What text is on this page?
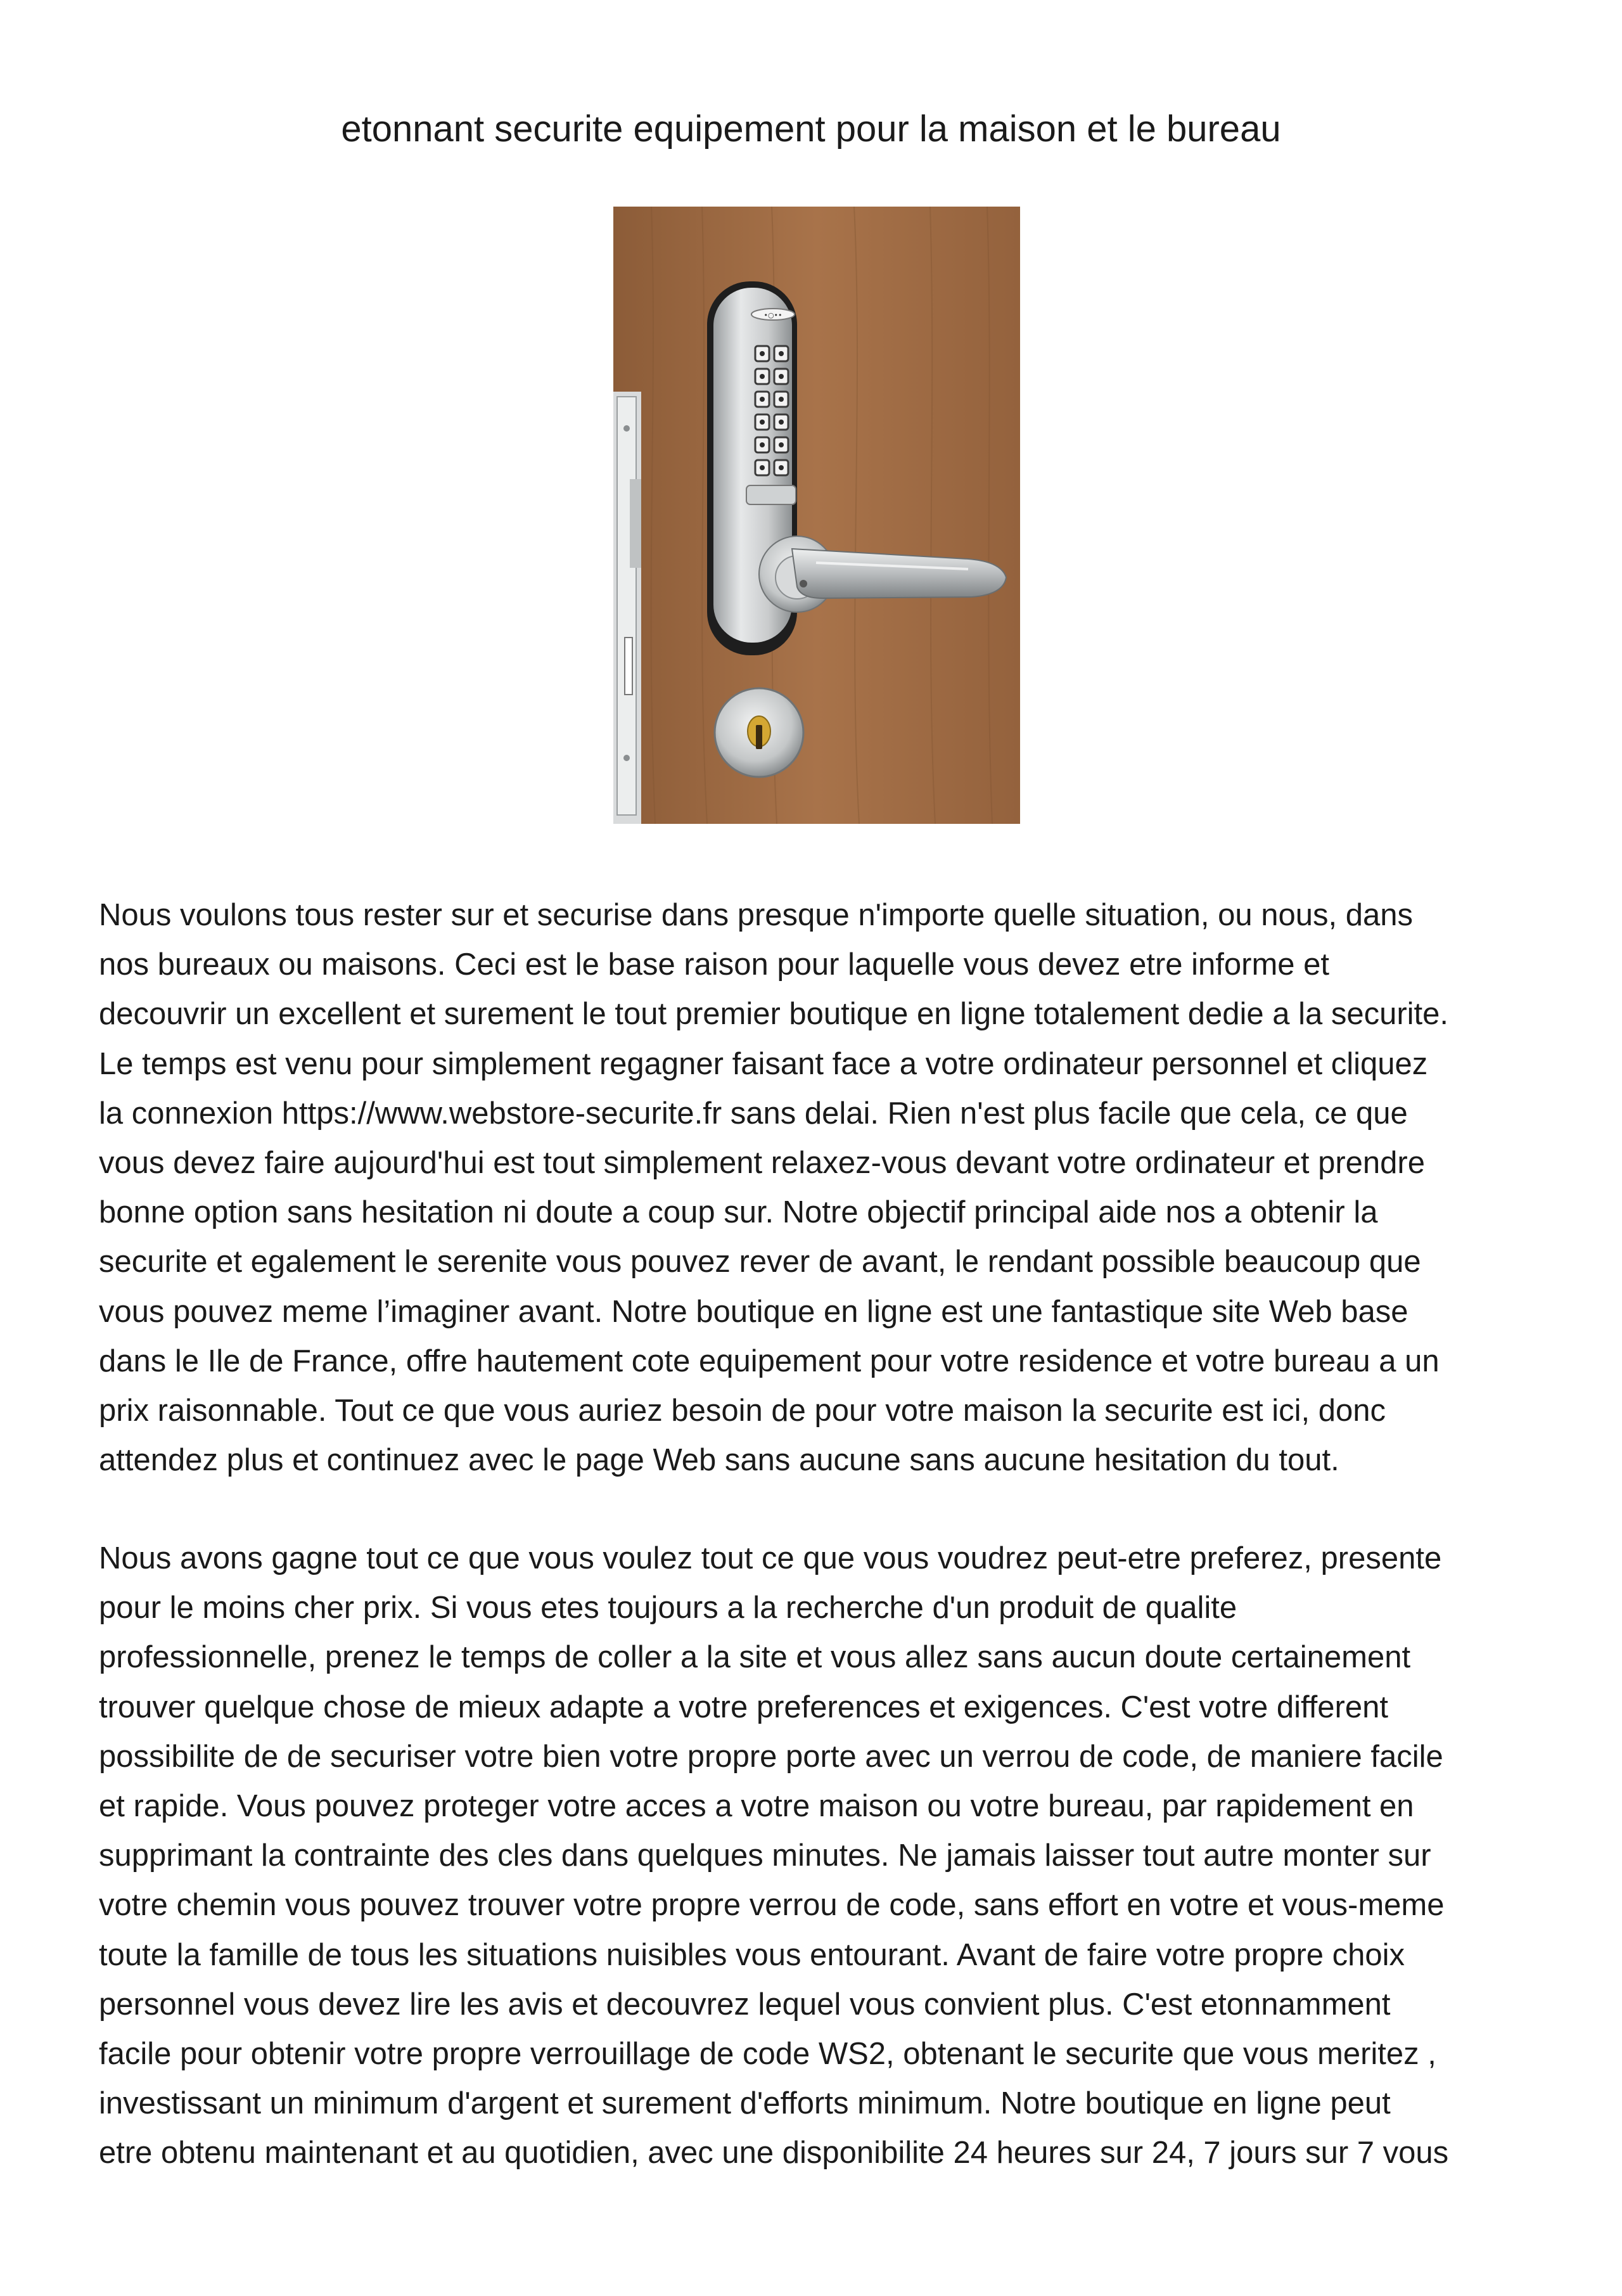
etonnant securite equipement pour la maison et le bureau
•○••

Nous voulons tous rester sur et securise dans presque n'importe quelle situation, ou nous, dans
nos bureaux ou maisons. Ceci est le base raison pour laquelle vous devez etre informe et
decouvrir un excellent et surement le tout premier boutique en ligne totalement dedie a la securite.
Le temps est venu pour simplement regagner faisant face a votre ordinateur personnel et cliquez
la connexion https://www.webstore-securite.fr sans delai. Rien n'est plus facile que cela, ce que
vous devez faire aujourd'hui est tout simplement relaxez-vous devant votre ordinateur et prendre
bonne option sans hesitation ni doute a coup sur. Notre objectif principal aide nos a obtenir la
securite et egalement le serenite vous pouvez rever de avant, le rendant possible beaucoup que
vous pouvez meme l’imaginer avant. Notre boutique en ligne est une fantastique site Web base
dans le Ile de France, offre hautement cote equipement pour votre residence et votre bureau a un
prix raisonnable. Tout ce que vous auriez besoin de pour votre maison la securite est ici, donc
attendez plus et continuez avec le page Web sans aucune sans aucune hesitation du tout.

Nous avons gagne tout ce que vous voulez tout ce que vous voudrez peut-etre preferez, presente
pour le moins cher prix. Si vous etes toujours a la recherche d'un produit de qualite
professionnelle, prenez le temps de coller a la site et vous allez sans aucun doute certainement
trouver quelque chose de mieux adapte a votre preferences et exigences. C'est votre different
possibilite de de securiser votre bien votre propre porte avec un verrou de code, de maniere facile
et rapide. Vous pouvez proteger votre acces a votre maison ou votre bureau, par rapidement en
supprimant la contrainte des cles dans quelques minutes. Ne jamais laisser tout autre monter sur
votre chemin vous pouvez trouver votre propre verrou de code, sans effort en votre et vous-meme
toute la famille de tous les situations nuisibles vous entourant. Avant de faire votre propre choix
personnel vous devez lire les avis et decouvrez lequel vous convient plus. C'est etonnamment
facile pour obtenir votre propre verrouillage de code WS2, obtenant le securite que vous meritez ,
investissant un minimum d'argent et surement d'efforts minimum. Notre boutique en ligne peut
etre obtenu maintenant et au quotidien, avec une disponibilite 24 heures sur 24, 7 jours sur 7 vous
